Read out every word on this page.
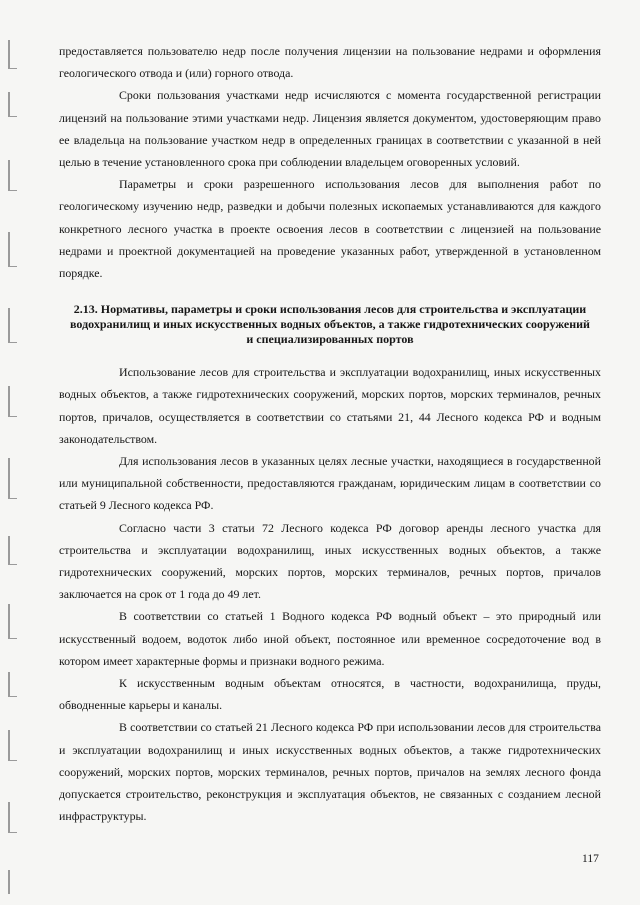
предоставляется пользователю недр после получения лицензии на пользование недрами и оформления геологического отвода и (или) горного отвода.

Сроки пользования участками недр исчисляются с момента государственной регистрации лицензий на пользование этими участками недр. Лицензия является документом, удостоверяющим право ее владельца на пользование участком недр в определенных границах в соответствии с указанной в ней целью в течение установленного срока при соблюдении владельцем оговоренных условий.

Параметры и сроки разрешенного использования лесов для выполнения работ по геологическому изучению недр, разведки и добычи полезных ископаемых устанавливаются для каждого конкретного лесного участка в проекте освоения лесов в соответствии с лицензией на пользование недрами и проектной документацией на проведение указанных работ, утвержденной в установленном порядке.

2.13. Нормативы, параметры и сроки использования лесов для строительства и эксплуатации водохранилищ и иных искусственных водных объектов, а также гидротехнических сооружений и специализированных портов

Использование лесов для строительства и эксплуатации водохранилищ, иных искусственных водных объектов, а также гидротехнических сооружений, морских портов, морских терминалов, речных портов, причалов, осуществляется в соответствии со статьями 21, 44 Лесного кодекса РФ и водным законодательством.

Для использования лесов в указанных целях лесные участки, находящиеся в государственной или муниципальной собственности, предоставляются гражданам, юридическим лицам в соответствии со статьей 9 Лесного кодекса РФ.

Согласно части 3 статьи 72 Лесного кодекса РФ договор аренды лесного участка для строительства и эксплуатации водохранилищ, иных искусственных водных объектов, а также гидротехнических сооружений, морских портов, морских терминалов, речных портов, причалов заключается на срок от 1 года до 49 лет.

В соответствии со статьей 1 Водного кодекса РФ водный объект – это природный или искусственный водоем, водоток либо иной объект, постоянное или временное сосредоточение вод в котором имеет характерные формы и признаки водного режима.

К искусственным водным объектам относятся, в частности, водохранилища, пруды, обводненные карьеры и каналы.

В соответствии со статьей 21 Лесного кодекса РФ при использовании лесов для строительства и эксплуатации водохранилищ и иных искусственных водных объектов, а также гидротехнических сооружений, морских портов, морских терминалов, речных портов, причалов на землях лесного фонда допускается строительство, реконструкция и эксплуатация объектов, не связанных с созданием лесной инфраструктуры.

117
